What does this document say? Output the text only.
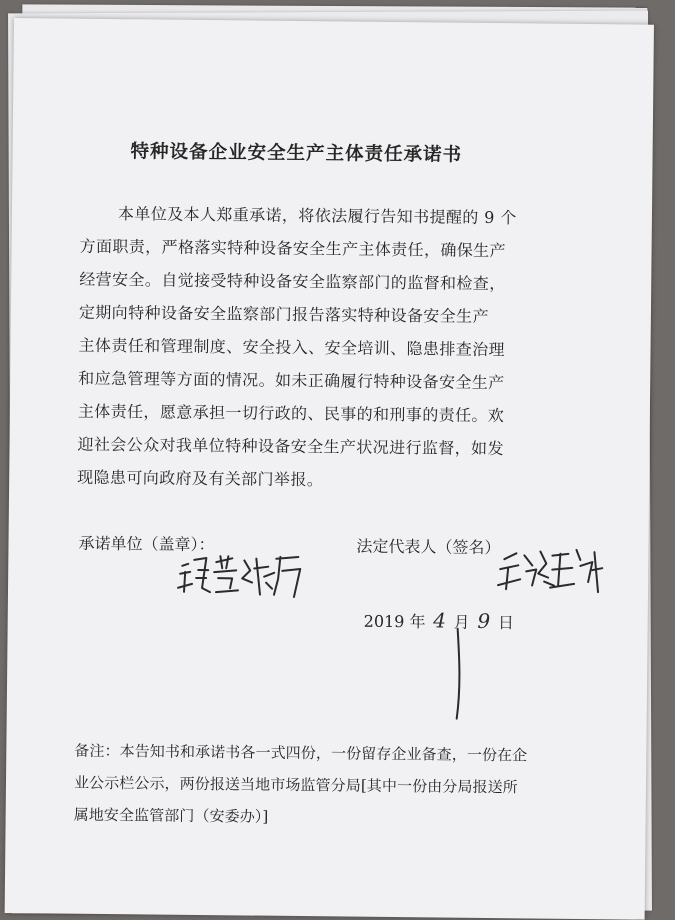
特种设备企业安全生产主体责任承诺书
本单位及本人郑重承诺，将依法履行告知书提醒的 9 个
方面职责，严格落实特种设备安全生产主体责任，确保生产
经营安全。自觉接受特种设备安全监察部门的监督和检查，
定期向特种设备安全监察部门报告落实特种设备安全生产
主体责任和管理制度、安全投入、安全培训、隐患排查治理
和应急管理等方面的情况。如未正确履行特种设备安全生产
主体责任，愿意承担一切行政的、民事的和刑事的责任。欢
迎社会公众对我单位特种设备安全生产状况进行监督，如发
现隐患可向政府及有关部门举报。
承诺单位（盖章）：	法定代表人（签名）
2019 年 4 月 9 日
备注：本告知书和承诺书各一式四份，一份留存企业备查，一份在企
业公示栏公示，两份报送当地市场监管分局[其中一份由分局报送所
属地安全监管部门（安委办）]
